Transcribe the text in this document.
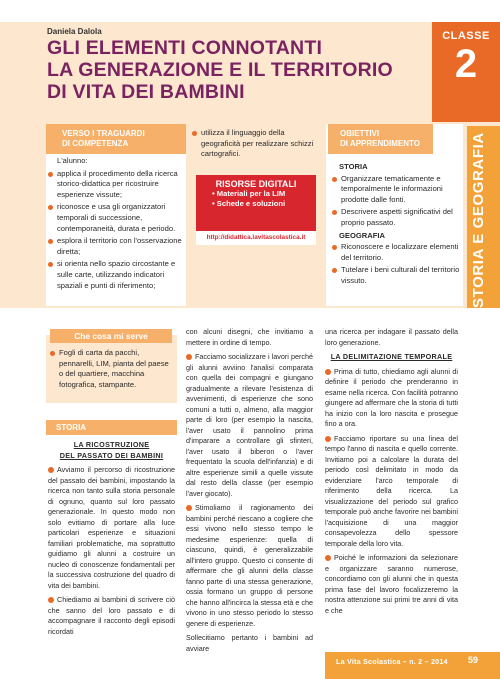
Daniela Dalola
GLI ELEMENTI CONNOTANTI
LA GENERAZIONE E IL TERRITORIO
DI VITA DEI BAMBINI
CLASSE
2
STORIA E GEOGRAFIA
VERSO I TRAGUARDI
DI COMPETENZA
L'alunno:
applica il procedimento della ricerca storico-didattica per ricostruire esperienze vissute;
riconosce e usa gli organizzatori temporali di successione, contemporaneità, durata e periodo.
esplora il territorio con l'osservazione diretta;
si orienta nello spazio circostante e sulle carte, utilizzando indicatori spaziali e punti di riferimento;
utilizza il linguaggio della geograficità per realizzare schizzi cartografici.
RISORSE DIGITALI
• Materiali per la LIM
• Schede e soluzioni
http://didattica.lavitascolastica.it
OBIETTIVI
DI APPRENDIMENTO
STORIA
Organizzare tematicamente e temporalmente le informazioni prodotte dalle fonti.
Descrivere aspetti significativi del proprio passato.
GEOGRAFIA
Riconoscere e localizzare elementi del territorio.
Tutelare i beni culturali del territorio vissuto.
Che cosa mi serve
Fogli di carta da pacchi, pennarelli, LIM, pianta del paese o del quartiere, macchina fotografica, stampante.
STORIA
LA RICOSTRUZIONE
DEL PASSATO DEI BAMBINI
Avviamo il percorso di ricostruzione del passato dei bambini, impostando la ricerca non tanto sulla storia personale di ognuno, quanto sul loro passato generazionale. In questo modo non solo evitiamo di portare alla luce particolari esperienze e situazioni familiari problematiche, ma soprattutto guidiamo gli alunni a costruire un nucleo di conoscenze fondamentali per la successiva costruzione del quadro di vita dei bambini.
Chiediamo ai bambini di scrivere ciò che sanno del loro passato e di accompagnare il racconto degli episodi ricordati
con alcuni disegni, che invitiamo a mettere in ordine di tempo.
Facciamo socializzare i lavori perché gli alunni avviino l'analisi comparata con quella dei compagni e giungano gradualmente a rilevare l'esistenza di avvenimenti, di esperienze che sono comuni a tutti o, almeno, alla maggior parte di loro (per esempio la nascita, l'aver usato il pannolino prima d'imparare a controllare gli sfinteri, l'aver usato il biberon o l'aver frequentato la scuola dell'infanzia) e di altre esperienze simili a quelle vissute dal resto della classe (per esempio l'aver giocato).
Stimoliamo il ragionamento dei bambini perché riescano a cogliere che essi vivono nello stesso tempo le medesime esperienze: quella di ciascuno, quindi, è generalizzabile all'intero gruppo. Questo ci consente di affermare che gli alunni della classe fanno parte di una stessa generazione, ossia formano un gruppo di persone che hanno all'incirca la stessa età e che vivono in uno stesso periodo lo stesso genere di esperienze.
Sollecitiamo pertanto i bambini ad avviare
una ricerca per indagare il passato della loro generazione.
LA DELIMITAZIONE TEMPORALE
Prima di tutto, chiediamo agli alunni di definire il periodo che prenderanno in esame nella ricerca. Con facilità potranno giungere ad affermare che la storia di tutti ha inizio con la loro nascita e prosegue fino a ora.
Facciamo riportare su una linea del tempo l'anno di nascita e quello corrente. Invitiamo poi a calcolare la durata del periodo così delimitato in modo da evidenziare l'arco temporale di riferimento della ricerca. La visualizzazione del periodo sul grafico temporale può anche favorire nei bambini l'acquisizione di una maggior consapevolezza dello spessore temporale della loro vita.
Poiché le informazioni da selezionare e organizzare saranno numerose, concordiamo con gli alunni che in questa prima fase del lavoro focalizzeremo la nostra attenzione sui primi tre anni di vita e che
La Vita Scolastica – n. 2 – 2014 59
